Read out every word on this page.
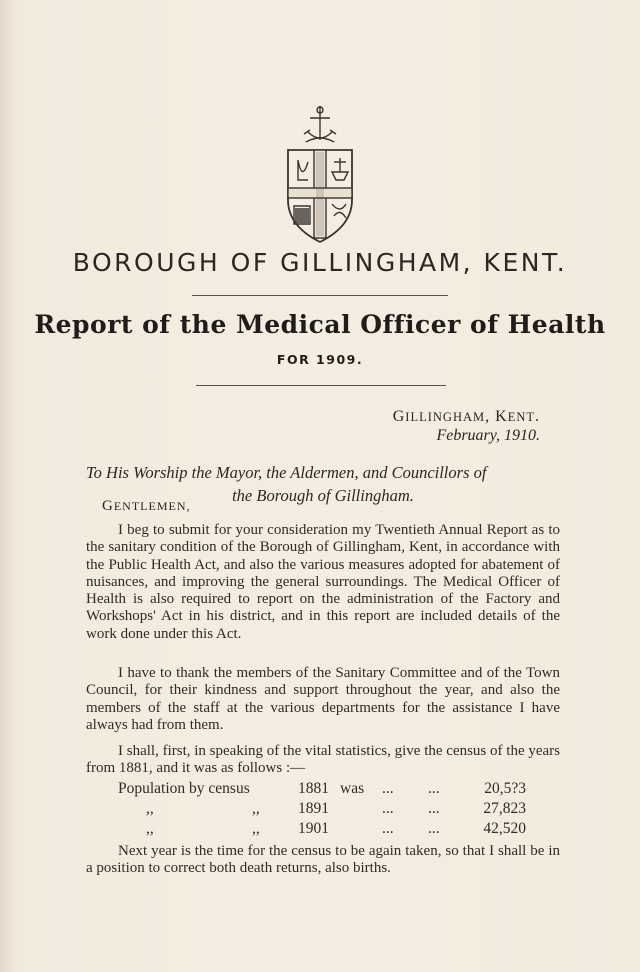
BOROUGH OF GILLINGHAM, KENT.
Report of the Medical Officer of Health
FOR 1909.
GILLINGHAM, KENT.
February, 1910.
To His Worship the Mayor, the Aldermen, and Councillors of
the Borough of Gillingham.
GENTLEMEN,
I beg to submit for your consideration my Twentieth Annual Report as to the sanitary condition of the Borough of Gillingham, Kent, in accordance with the Public Health Act, and also the various measures adopted for abatement of nuisances, and improving the general surroundings. The Medical Officer of Health is also required to report on the administration of the Factory and Workshops' Act in his district, and in this report are included details of the work done under this Act.
I have to thank the members of the Sanitary Committee and of the Town Council, for their kindness and support throughout the year, and also the members of the staff at the various departments for the assistance I have always had from them.
I shall, first, in speaking of the vital statistics, give the census of the years from 1881, and it was as follows :—
Population by census	1881 was ... ...	20,5?3
,,	,, 1891	... ...	27,823
,,	,, 1901	... ...	42,520
Next year is the time for the census to be again taken, so that I shall be in a position to correct both death returns, also births.
